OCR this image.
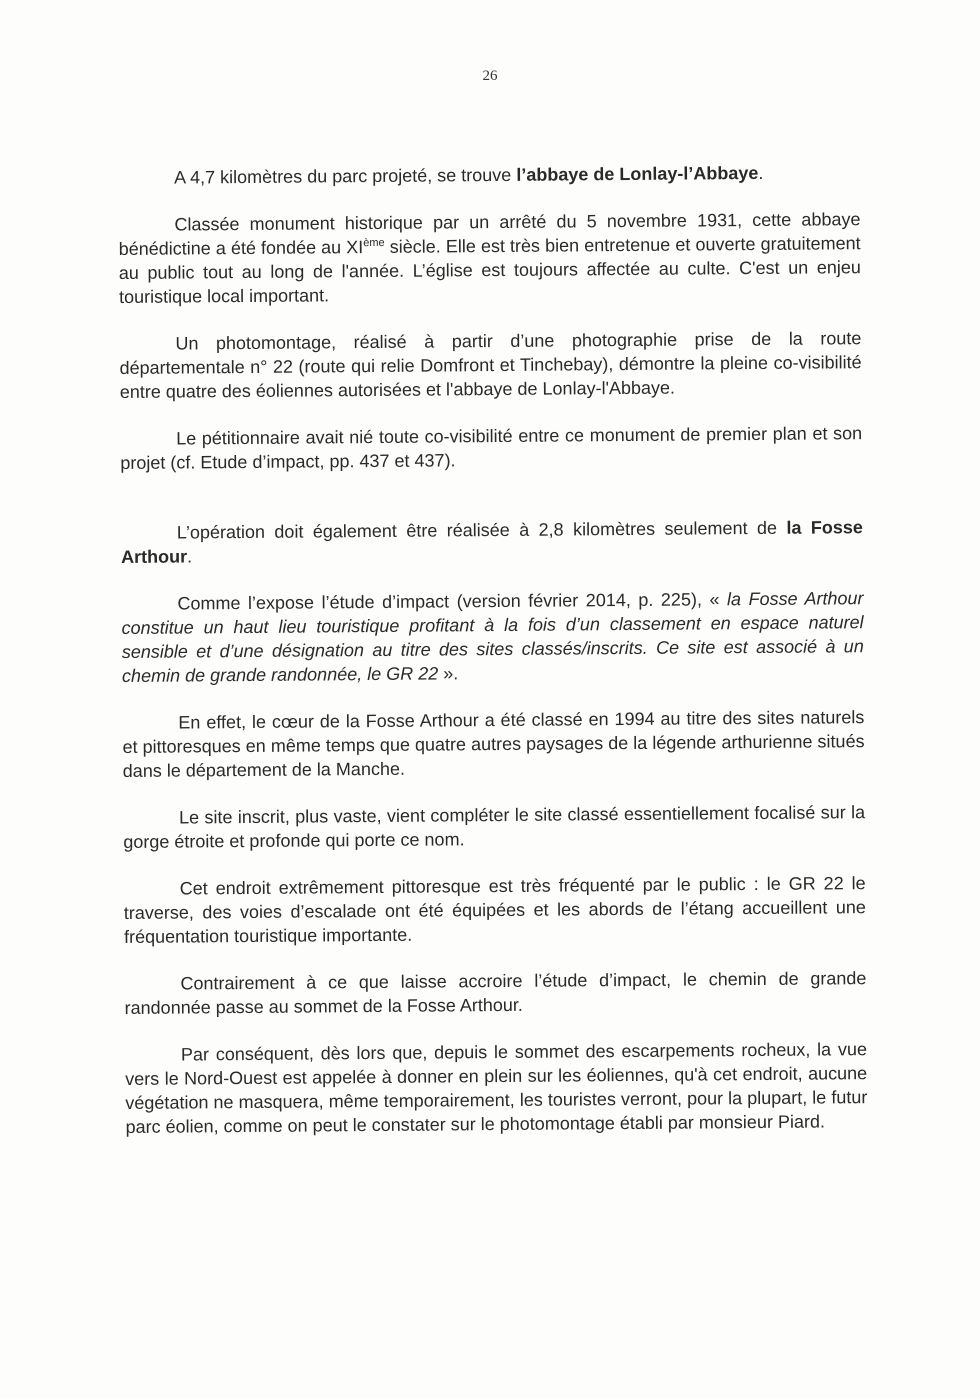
26

A 4,7 kilomètres du parc projeté, se trouve l’abbaye de Lonlay-l’Abbaye.

Classée monument historique par un arrêté du 5 novembre 1931, cette abbaye bénédictine a été fondée au XIème siècle. Elle est très bien entretenue et ouverte gratuitement au public tout au long de l'année. L’église est toujours affectée au culte. C'est un enjeu touristique local important.

Un photomontage, réalisé à partir d’une photographie prise de la route départementale n° 22 (route qui relie Domfront et Tinchebay), démontre la pleine co-visibilité entre quatre des éoliennes autorisées et l'abbaye de Lonlay-l'Abbaye.

Le pétitionnaire avait nié toute co-visibilité entre ce monument de premier plan et son projet (cf. Etude d’impact, pp. 437 et 437).

L’opération doit également être réalisée à 2,8 kilomètres seulement de la Fosse Arthour.

Comme l’expose l’étude d’impact (version février 2014, p. 225), « la Fosse Arthour constitue un haut lieu touristique profitant à la fois d’un classement en espace naturel sensible et d’une désignation au titre des sites classés/inscrits. Ce site est associé à un chemin de grande randonnée, le GR 22 ».

En effet, le cœur de la Fosse Arthour a été classé en 1994 au titre des sites naturels et pittoresques en même temps que quatre autres paysages de la légende arthurienne situés dans le département de la Manche.

Le site inscrit, plus vaste, vient compléter le site classé essentiellement focalisé sur la gorge étroite et profonde qui porte ce nom.

Cet endroit extrêmement pittoresque est très fréquenté par le public : le GR 22 le traverse, des voies d’escalade ont été équipées et les abords de l’étang accueillent une fréquentation touristique importante.

Contrairement à ce que laisse accroire l’étude d’impact, le chemin de grande randonnée passe au sommet de la Fosse Arthour.

Par conséquent, dès lors que, depuis le sommet des escarpements rocheux, la vue vers le Nord-Ouest est appelée à donner en plein sur les éoliennes, qu'à cet endroit, aucune végétation ne masquera, même temporairement, les touristes verront, pour la plupart, le futur parc éolien, comme on peut le constater sur le photomontage établi par monsieur Piard.
